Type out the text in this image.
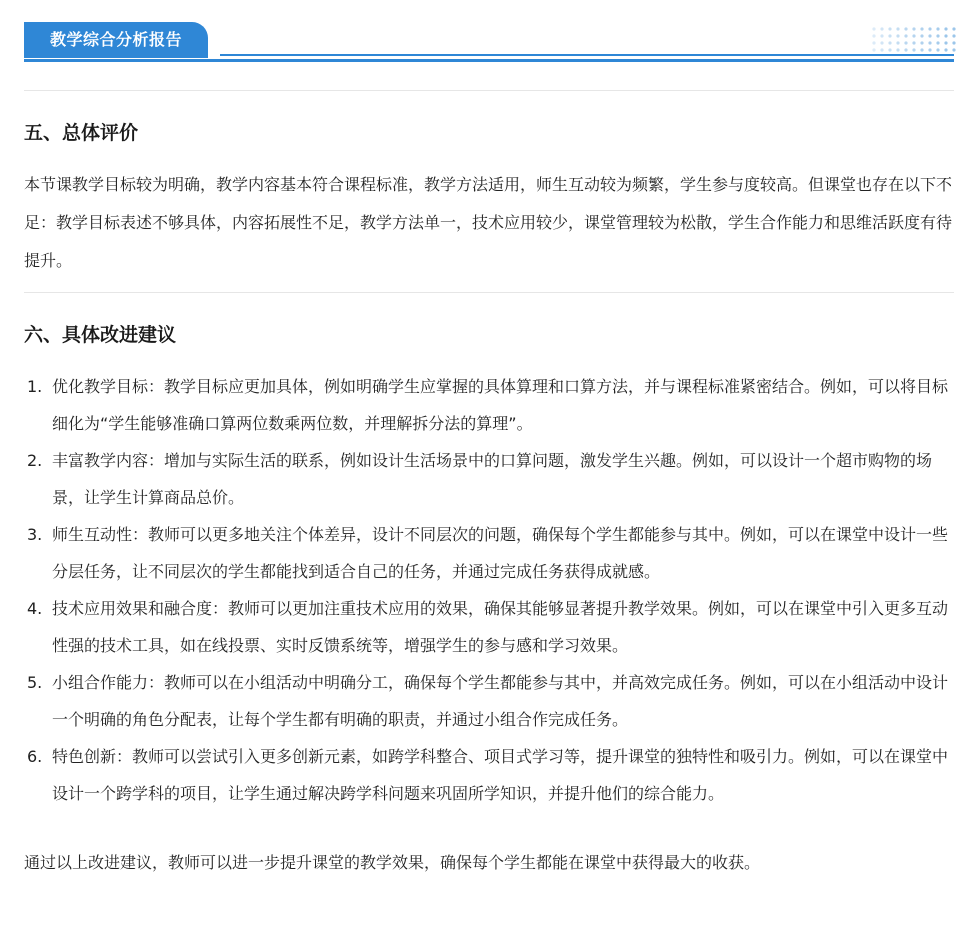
教学综合分析报告
五、总体评价

本节课教学目标较为明确，教学内容基本符合课程标准，教学方法适用，师生互动较为频繁，学生参与度较高。但课堂也存在以下不足：教学目标表述不够具体，内容拓展性不足，教学方法单一，技术应用较少，课堂管理较为松散，学生合作能力和思维活跃度有待提升。

六、具体改进建议
1. 优化教学目标：教学目标应更加具体，例如明确学生应掌握的具体算理和口算方法，并与课程标准紧密结合。例如，可以将目标细化为“学生能够准确口算两位数乘两位数，并理解拆分法的算理”。
2. 丰富教学内容：增加与实际生活的联系，例如设计生活场景中的口算问题，激发学生兴趣。例如，可以设计一个超市购物的场景，让学生计算商品总价。
3. 师生互动性：教师可以更多地关注个体差异，设计不同层次的问题，确保每个学生都能参与其中。例如，可以在课堂中设计一些分层任务，让不同层次的学生都能找到适合自己的任务，并通过完成任务获得成就感。
4. 技术应用效果和融合度：教师可以更加注重技术应用的效果，确保其能够显著提升教学效果。例如，可以在课堂中引入更多互动性强的技术工具，如在线投票、实时反馈系统等，增强学生的参与感和学习效果。
5. 小组合作能力：教师可以在小组活动中明确分工，确保每个学生都能参与其中，并高效完成任务。例如，可以在小组活动中设计一个明确的角色分配表，让每个学生都有明确的职责，并通过小组合作完成任务。
6. 特色创新：教师可以尝试引入更多创新元素，如跨学科整合、项目式学习等，提升课堂的独特性和吸引力。例如，可以在课堂中设计一个跨学科的项目，让学生通过解决跨学科问题来巩固所学知识，并提升他们的综合能力。

通过以上改进建议，教师可以进一步提升课堂的教学效果，确保每个学生都能在课堂中获得最大的收获。
